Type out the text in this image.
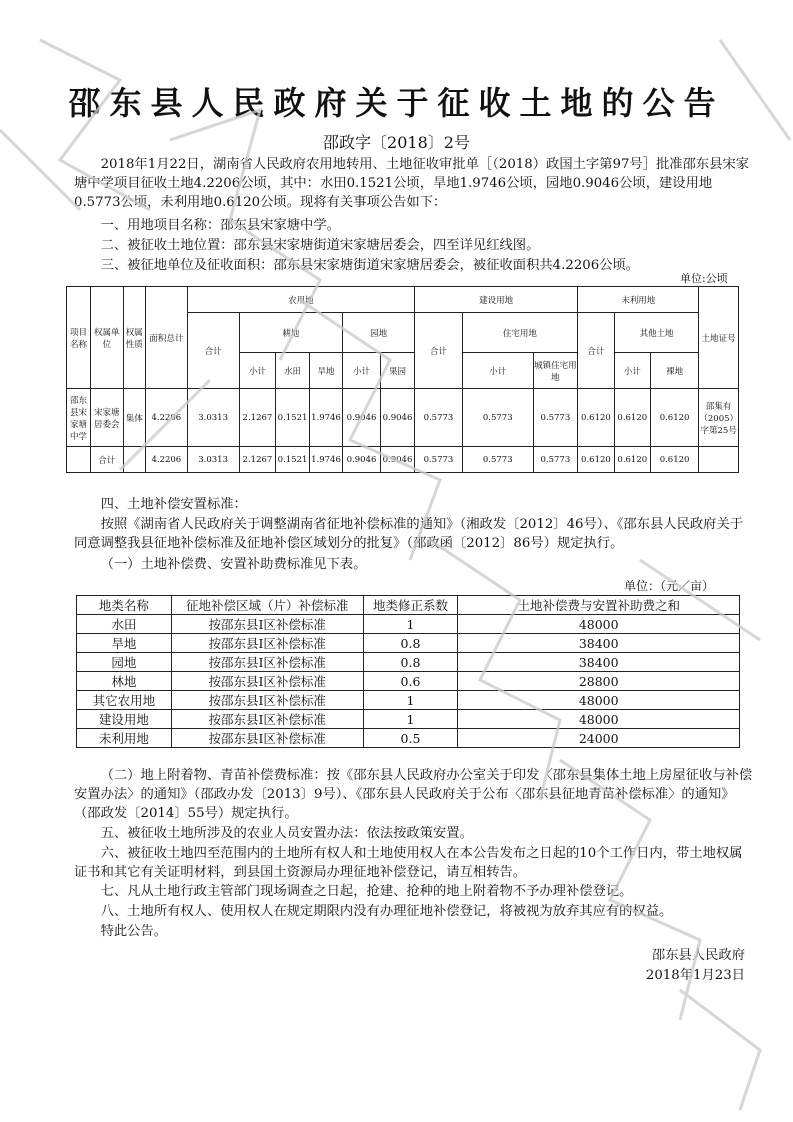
邵东县人民政府关于征收土地的公告
邵政字〔2018〕2号
2018年1月22日，湖南省人民政府农用地转用、土地征收审批单［（2018）政国土字第97号］批准邵东县宋家塘中学项目征收土地4.2206公顷，其中：水田0.1521公顷，旱地1.9746公顷，园地0.9046公顷，建设用地0.5773公顷，未利用地0.6120公顷。现将有关事项公告如下：
一、用地项目名称：邵东县宋家塘中学。
二、被征收土地位置：邵东县宋家塘街道宋家塘居委会，四至详见红线图。
三、被征地单位及征收面积：邵东县宋家塘街道宋家塘居委会，被征收面积共4.2206公顷。
单位:公顷
项目名称	权属单位	权属性质	面积总计	农用地						建设用地			未利用地			土地证号
				合计	耕地			园地		合计	住宅用地		合计	其他土地		
					小计	水田	旱地	小计	果园		小计	城镇住宅用地		小计	裸地	
邵东县宋家塘中学	宋家塘居委会	集体	4.2206	3.0313	2.1267	0.1521	1.9746	0.9046	0.9046	0.5773	0.5773	0.5773	0.6120	0.6120	0.6120	邵集有（2005）字第25号
	合计		4.2206	3.0313	2.1267	0.1521	1.9746	0.9046	0.9046	0.5773	0.5773	0.5773	0.6120	0.6120	0.6120	
四、土地补偿安置标准：
按照《湖南省人民政府关于调整湖南省征地补偿标准的通知》（湘政发〔2012〕46号）、《邵东县人民政府关于同意调整我县征地补偿标准及征地补偿区域划分的批复》（邵政函〔2012〕86号）规定执行。
（一）土地补偿费、安置补助费标准见下表。
单位：（元／亩）
地类名称	征地补偿区域（片）补偿标准	地类修正系数	土地补偿费与安置补助费之和
水田	按邵东县Ⅰ区补偿标准	1	48000
旱地	按邵东县Ⅰ区补偿标准	0.8	38400
园地	按邵东县Ⅰ区补偿标准	0.8	38400
林地	按邵东县Ⅰ区补偿标准	0.6	28800
其它农用地	按邵东县Ⅰ区补偿标准	1	48000
建设用地	按邵东县Ⅰ区补偿标准	1	48000
未利用地	按邵东县Ⅰ区补偿标准	0.5	24000
（二）地上附着物、青苗补偿费标准：按《邵东县人民政府办公室关于印发〈邵东县集体土地上房屋征收与补偿安置办法〉的通知》（邵政办发〔2013〕9号）、《邵东县人民政府关于公布〈邵东县征地青苗补偿标准〉的通知》（邵政发〔2014〕55号）规定执行。
五、被征收土地所涉及的农业人员安置办法：依法按政策安置。
六、被征收土地四至范围内的土地所有权人和土地使用权人在本公告发布之日起的10个工作日内，带土地权属证书和其它有关证明材料，到县国土资源局办理征地补偿登记，请互相转告。
七、凡从土地行政主管部门现场调查之日起，抢建、抢种的地上附着物不予办理补偿登记。
八、土地所有权人、使用权人在规定期限内没有办理征地补偿登记，将被视为放弃其应有的权益。
特此公告。
邵东县人民政府
2018年1月23日
